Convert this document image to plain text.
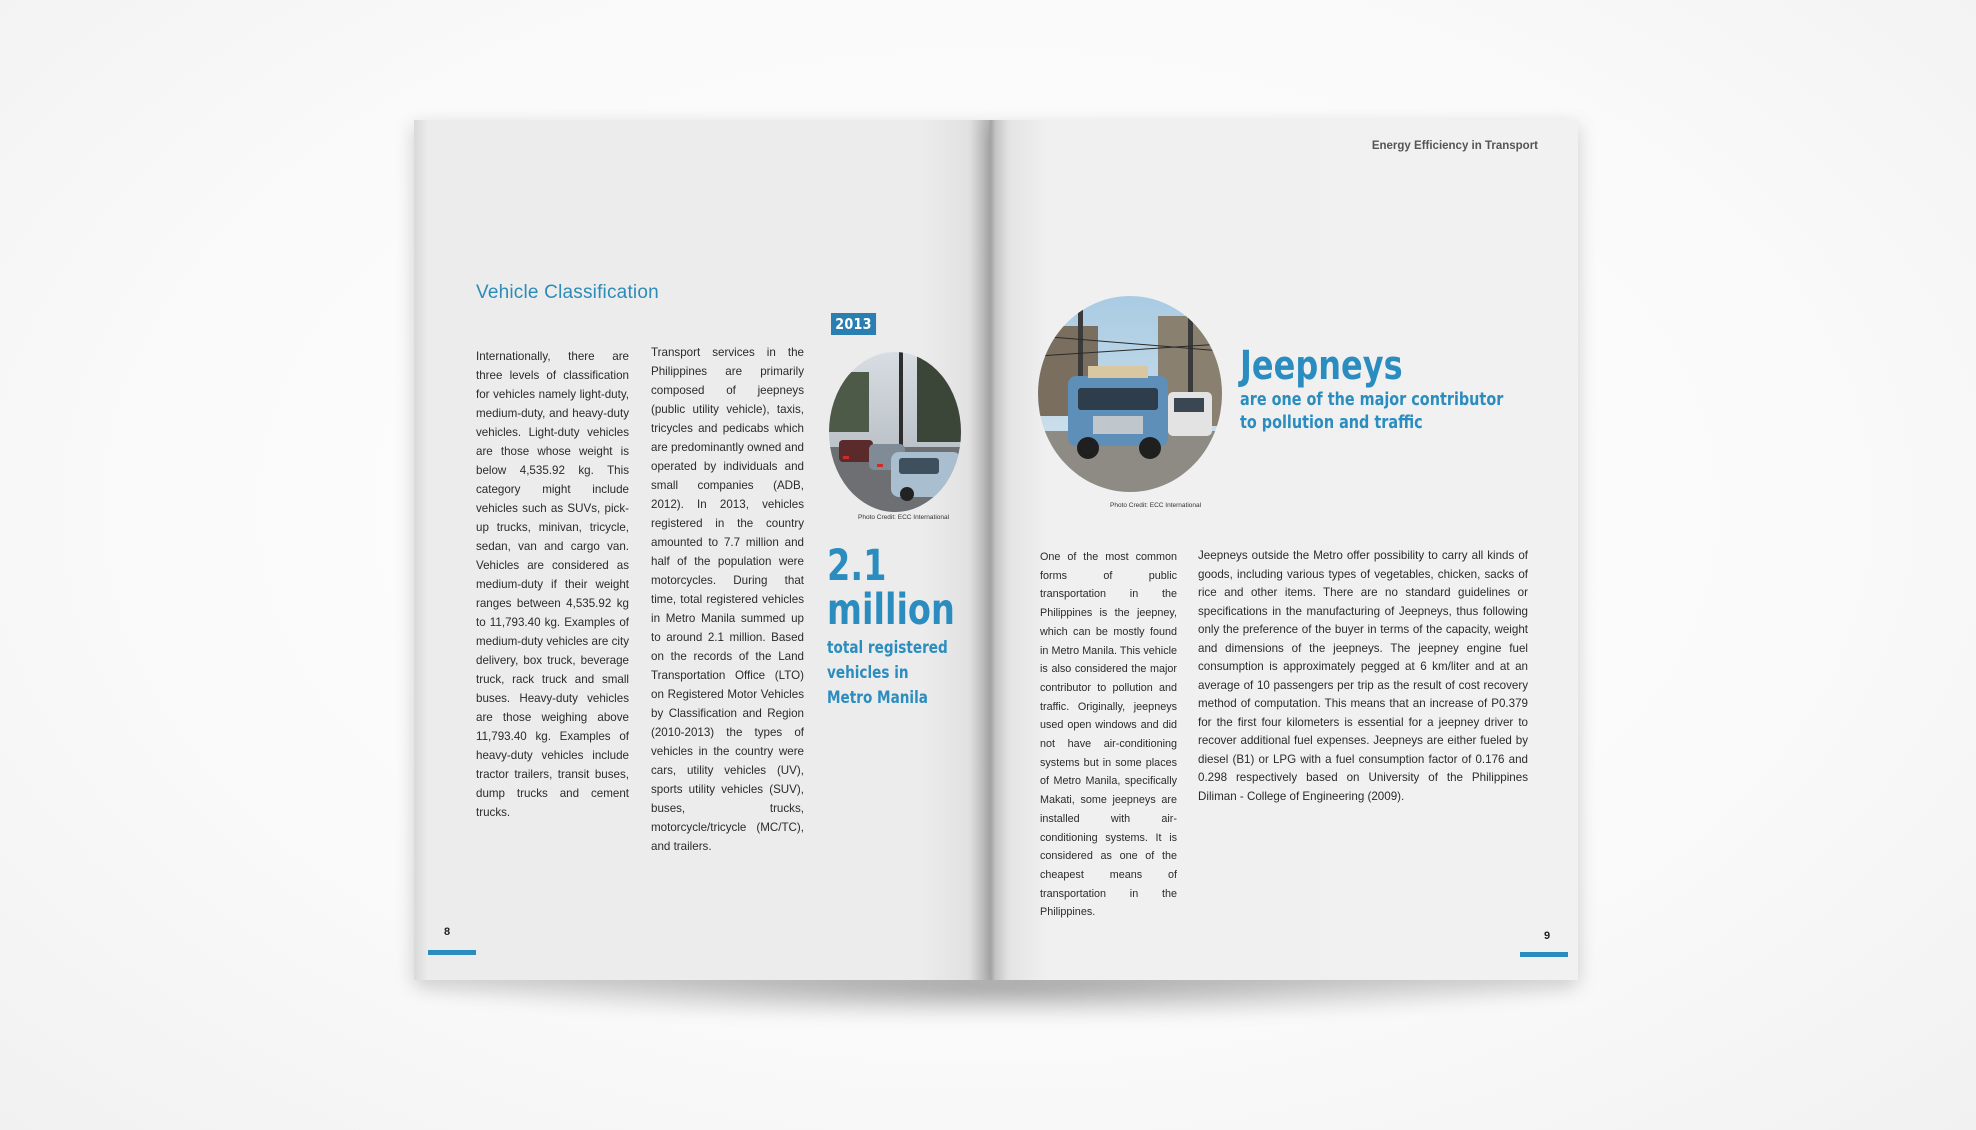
Vehicle Classification
Internationally, there are three levels of classification for vehicles namely light-duty, medium-duty, and heavy-duty vehicles. Light-duty vehicles are those whose weight is below 4,535.92 kg. This category might include vehicles such as SUVs, pick-up trucks, minivan, tricycle, sedan, van and cargo van. Vehicles are considered as medium-duty if their weight ranges between 4,535.92 kg to 11,793.40 kg. Examples of medium-duty vehicles are city delivery, box truck, beverage truck, rack truck and small buses. Heavy-duty vehicles are those weighing above 11,793.40 kg. Examples of heavy-duty vehicles include tractor trailers, transit buses, dump trucks and cement trucks.
Transport services in the Philippines are primarily composed of jeepneys (public utility vehicle), taxis, tricycles and pedicabs which are predominantly owned and operated by individuals and small companies (ADB, 2012). In 2013, vehicles registered in the country amounted to 7.7 million and half of the population were motorcycles. During that time, total registered vehicles in Metro Manila summed up to around 2.1 million. Based on the records of the Land Transportation Office (LTO) on Registered Motor Vehicles by Classification and Region (2010-2013) the types of vehicles in the country were cars, utility vehicles (UV), sports utility vehicles (SUV), buses, trucks, motorcycle/tricycle (MC/TC), and trailers.
2013
Photo Credit: ECC International
2.1
million
total registered
vehicles in
Metro Manila
8
Energy Efficiency in Transport
Photo Credit: ECC International
Jeepneys
are one of the major contributor
to pollution and traffic
One of the most common forms of public transportation in the Philippines is the jeepney, which can be mostly found in Metro Manila. This vehicle is also considered the major contributor to pollution and traffic. Originally, jeepneys used open windows and did not have air-conditioning systems but in some places of Metro Manila, specifically Makati, some jeepneys are installed with air-conditioning systems. It is considered as one of the cheapest means of transportation in the Philippines.
Jeepneys outside the Metro offer possibility to carry all kinds of goods, including various types of vegetables, chicken, sacks of rice and other items. There are no standard guidelines or specifications in the manufacturing of Jeepneys, thus following only the preference of the buyer in terms of the capacity, weight and dimensions of the jeepneys. The jeepney engine fuel consumption is approximately pegged at 6 km/liter and at an average of 10 passengers per trip as the result of cost recovery method of computation. This means that an increase of P0.379 for the first four kilometers is essential for a jeepney driver to recover additional fuel expenses. Jeepneys are either fueled by diesel (B1) or LPG with a fuel consumption factor of 0.176 and 0.298 respectively based on University of the Philippines Diliman - College of Engineering (2009).
9
